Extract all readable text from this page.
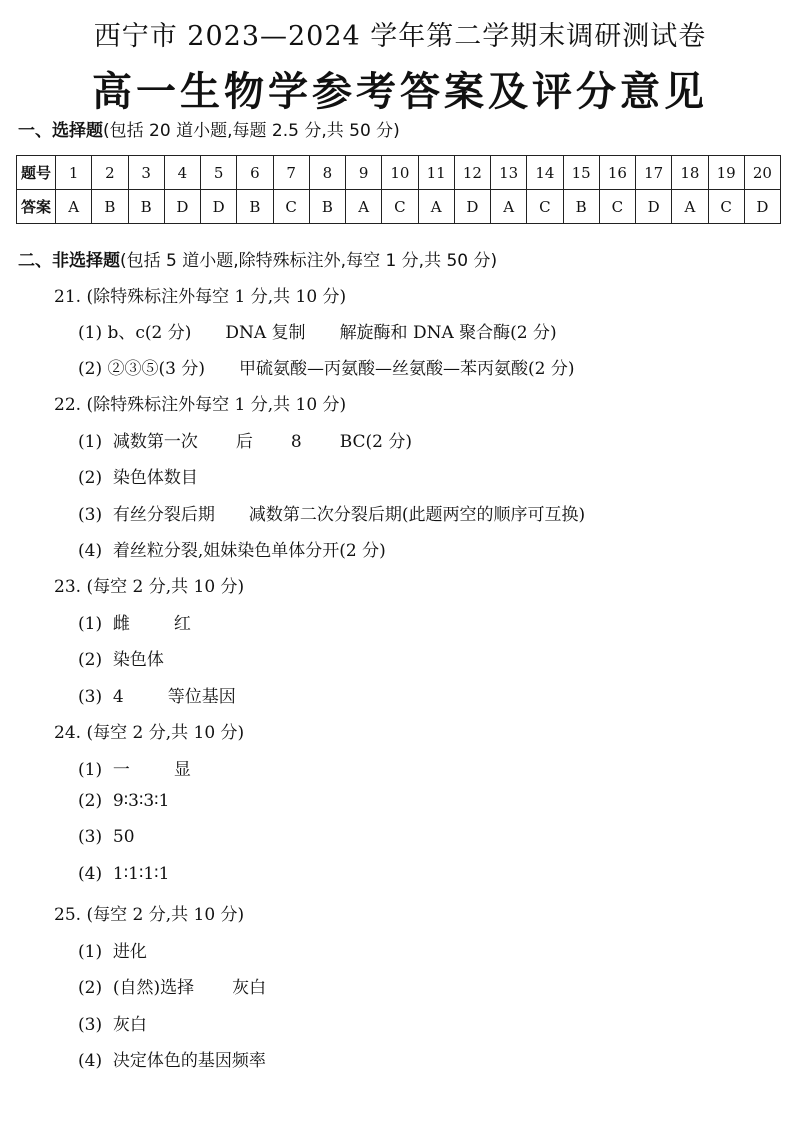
西宁市 2023—2024 学年第二学期末调研测试卷
高一生物学参考答案及评分意见
一、选择题(包括 20 道小题,每题 2.5 分,共 50 分)
题号	1	2	3	4	5	6	7	8	9	10	11	12	13	14	15	16	17	18	19	20
答案	A	B	B	D	D	B	C	B	A	C	A	D	A	C	B	C	D	A	C	D
二、非选择题(包括 5 道小题,除特殊标注外,每空 1 分,共 50 分)
21. (除特殊标注外每空 1 分,共 10 分)
(1) b、c(2 分) DNA 复制 解旋酶和 DNA 聚合酶(2 分)
(2) ②③⑤(3 分) 甲硫氨酸—丙氨酸—丝氨酸—苯丙氨酸(2 分)
22. (除特殊标注外每空 1 分,共 10 分)
(1)  减数第一次 后 8 BC(2 分)
(2)  染色体数目
(3)  有丝分裂后期 减数第二次分裂后期(此题两空的顺序可互换)
(4)  着丝粒分裂,姐妹染色单体分开(2 分)
23. (每空 2 分,共 10 分)
(1)  雌	红
(2)  染色体
(3)  4	等位基因
24. (每空 2 分,共 10 分)
(1)  一	显
(2)  9∶3∶3∶1
(3)  50
(4)  1∶1∶1∶1
25. (每空 2 分,共 10 分)
(1)  进化
(2)  (自然)选择 灰白
(3)  灰白
(4)  决定体色的基因频率
